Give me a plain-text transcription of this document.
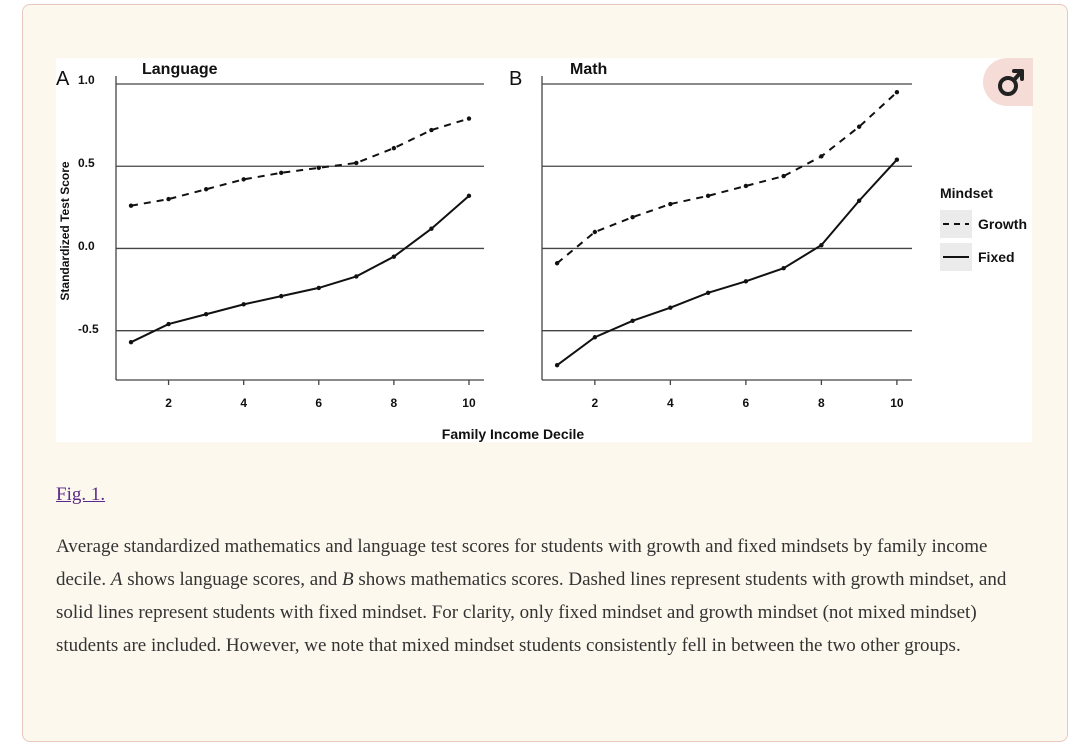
A	Language	B	Math
Standardized Test Score
1.0
0.5
0.0
-0.5
2	4	6	8	10	2	4	6	8	10
Family Income Decile
Mindset
Growth
Fixed
Fig. 1.

Average standardized mathematics and language test scores for students with growth and fixed mindsets by family income decile. A shows language scores, and B shows mathematics scores. Dashed lines represent students with growth mindset, and solid lines represent students with fixed mindset. For clarity, only fixed mindset and growth mindset (not mixed mindset) students are included. However, we note that mixed mindset students consistently fell in between the two other groups.
